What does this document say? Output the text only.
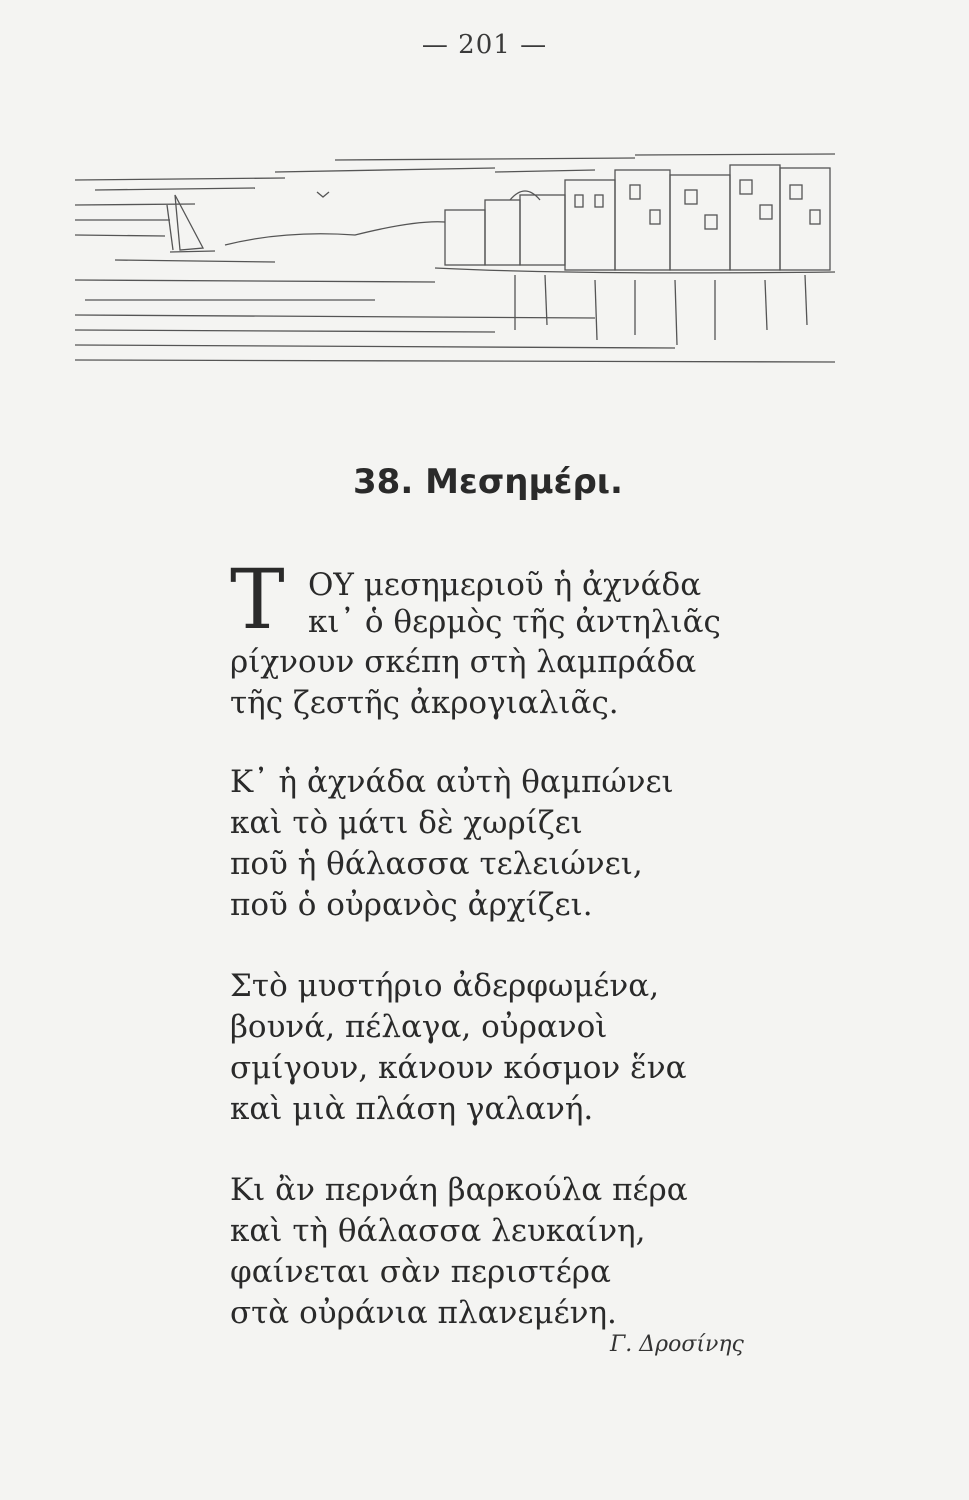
— 201 —
38. Μεσημέρι.
T OY μεσημεριοῦ ἡ ἀχνάδα
κι᾽ ὁ θερμὸς τῆς ἀντηλιᾶς
ρίχνουν σκέπη στὴ λαμπράδα
τῆς ζεστῆς ἀκρογιαλιᾶς.
Κ᾽ ἡ ἀχνάδα αὐτὴ θαμπώνει
καὶ τὸ μάτι δὲ χωρίζει
ποῦ ἡ θάλασσα τελειώνει,
ποῦ ὁ οὐρανὸς ἀρχίζει.
Στὸ μυστήριο ἀδερφωμένα,
βουνά, πέλαγα, οὐρανοὶ
σμίγουν, κάνουν κόσμον ἕνα
καὶ μιὰ πλάση γαλανή.
Κι ἂν περνάη βαρκούλα πέρα
καὶ τὴ θάλασσα λευκαίνη,
φαίνεται σὰν περιστέρα
στὰ οὐράνια πλανεμένη.
Γ. Δροσίνης
